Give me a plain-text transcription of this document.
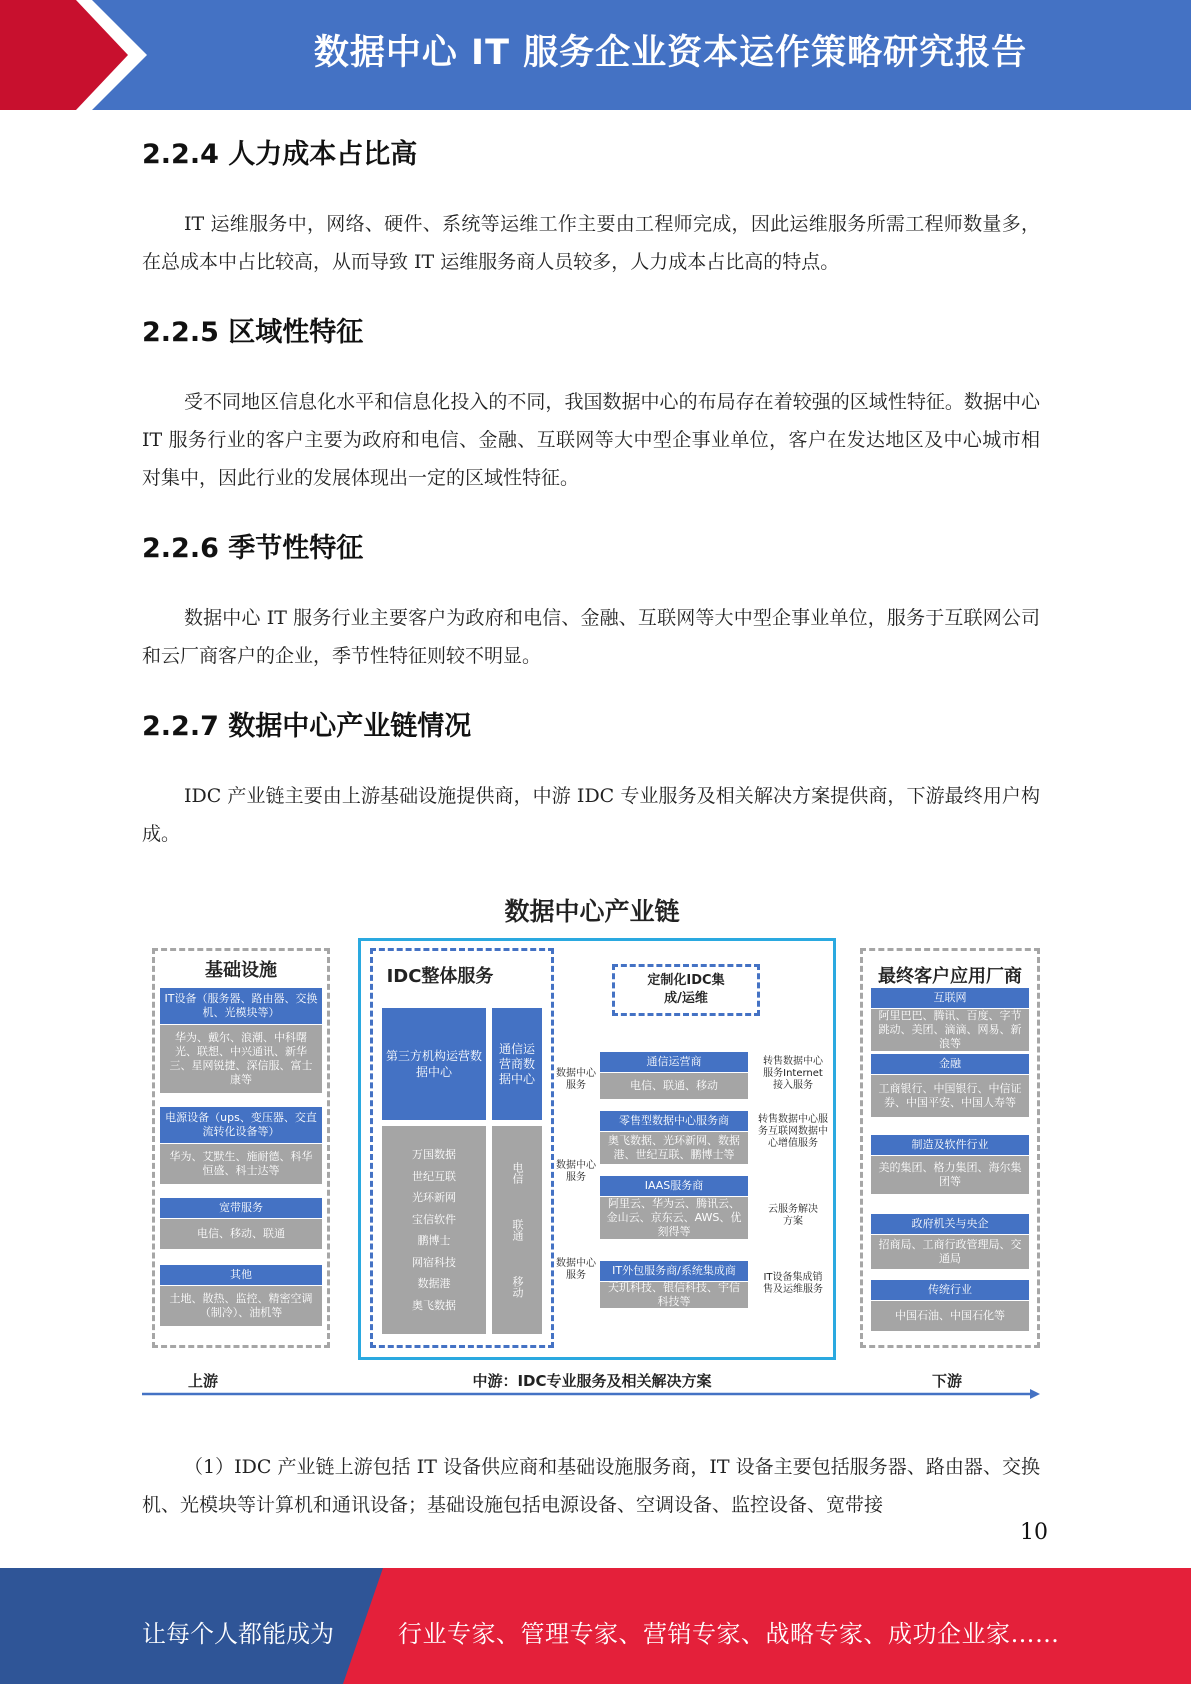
数据中心 IT 服务企业资本运作策略研究报告
2.2.4 人力成本占比高
IT 运维服务中，网络、硬件、系统等运维工作主要由工程师完成，因此运维服务所需工程师数量多，在总成本中占比较高，从而导致 IT 运维服务商人员较多，人力成本占比高的特点。
2.2.5 区域性特征
受不同地区信息化水平和信息化投入的不同，我国数据中心的布局存在着较强的区域性特征。数据中心 IT 服务行业的客户主要为政府和电信、金融、互联网等大中型企事业单位，客户在发达地区及中心城市相对集中，因此行业的发展体现出一定的区域性特征。
2.2.6 季节性特征
数据中心 IT 服务行业主要客户为政府和电信、金融、互联网等大中型企事业单位，服务于互联网公司和云厂商客户的企业，季节性特征则较不明显。
2.2.7 数据中心产业链情况
IDC 产业链主要由上游基础设施提供商，中游 IDC 专业服务及相关解决方案提供商，下游最终用户构成。
数据中心产业链
基础设施
IT设备（服务器、路由器、交换机、光模块等）
华为、戴尔、浪潮、中科曙光、联想、中兴通讯、新华三、星网锐捷、深信服、富士康等
电源设备（ups、变压器、交直流转化设备等）
华为、艾默生、施耐德、科华恒盛、科士达等
宽带服务
电信、移动、联通
其他
土地、散热、监控、精密空调（制冷）、油机等
IDC整体服务
第三方机构运营数据中心
通信运营商数据中心
万国数据
世纪互联
光环新网
宝信软件
鹏博士
网宿科技
数据港
奥飞数据
电信
联通
移动
定制化IDC集成/运维
数据中心服务
数据中心服务
数据中心服务
通信运营商
电信、联通、移动
转售数据中心服务Internet接入服务
零售型数据中心服务商
奥飞数据、光环新网、数据港、世纪互联、鹏博士等
转售数据中心服务互联网数据中心增值服务
IAAS服务商
阿里云、华为云、腾讯云、金山云、京东云、AWS、优刻得等
云服务解决方案
IT外包服务商/系统集成商
天玑科技、银信科技、宇信科技等
IT设备集成销售及运维服务
最终客户应用厂商
互联网
阿里巴巴、腾讯、百度、字节跳动、美团、滴滴、网易、新浪等
金融
工商银行、中国银行、中信证券、中国平安、中国人寿等
制造及软件行业
美的集团、格力集团、海尔集团等
政府机关与央企
招商局、工商行政管理局、交通局
传统行业
中国石油、中国石化等
上游	中游：IDC专业服务及相关解决方案	下游
（1）IDC 产业链上游包括 IT 设备供应商和基础设施服务商，IT 设备主要包括服务器、路由器、交换机、光模块等计算机和通讯设备；基础设施包括电源设备、空调设备、监控设备、宽带接
10
让每个人都能成为	行业专家、管理专家、营销专家、战略专家、成功企业家……
